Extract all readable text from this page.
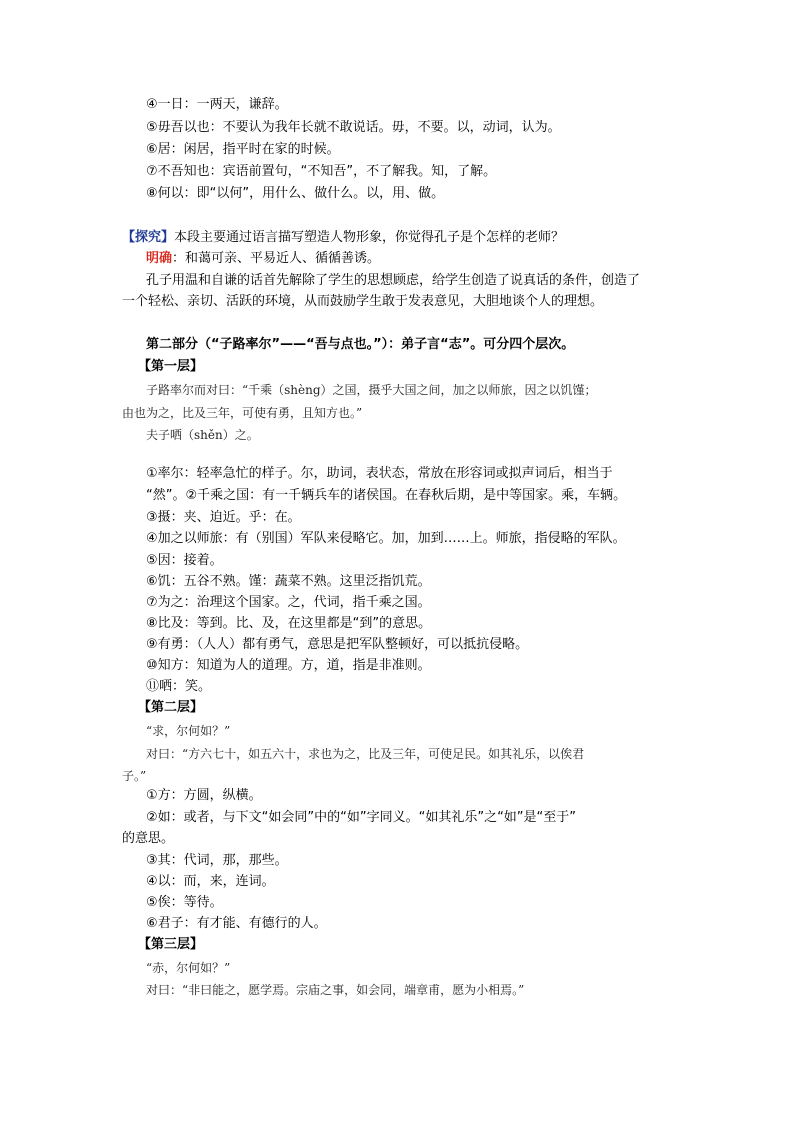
④一日：一两天，谦辞。
⑤毋吾以也：不要认为我年长就不敢说话。毋，不要。以，动词，认为。
⑥居：闲居，指平时在家的时候。
⑦不吾知也：宾语前置句，“不知吾”，不了解我。知，了解。
⑧何以：即“以何”，用什么、做什么。以，用、做。
【探究】本段主要通过语言描写塑造人物形象，你觉得孔子是个怎样的老师？
明确：和蔼可亲、平易近人、循循善诱。
孔子用温和自谦的话首先解除了学生的思想顾虑，给学生创造了说真话的条件，创造了
一个轻松、亲切、活跃的环境，从而鼓励学生敢于发表意见，大胆地谈个人的理想。
第二部分（“子路率尔”——“吾与点也。”）：弟子言“志”。可分四个层次。
【第一层】
子路率尔而对曰：“千乘（shèng）之国，摄乎大国之间，加之以师旅，因之以饥馑；
由也为之，比及三年，可使有勇，且知方也。”
夫子哂（shěn）之。
①率尔：轻率急忙的样子。尔，助词，表状态，常放在形容词或拟声词后，相当于
“然”。②千乘之国：有一千辆兵车的诸侯国。在春秋后期，是中等国家。乘，车辆。
③摄：夹、迫近。乎：在。
④加之以师旅：有（别国）军队来侵略它。加，加到……上。师旅，指侵略的军队。
⑤因：接着。
⑥饥：五谷不熟。馑：蔬菜不熟。这里泛指饥荒。
⑦为之：治理这个国家。之，代词，指千乘之国。
⑧比及：等到。比、及，在这里都是“到”的意思。
⑨有勇：（人人）都有勇气，意思是把军队整顿好，可以抵抗侵略。
⑩知方：知道为人的道理。方，道，指是非准则。
⑪哂：笑。
【第二层】
“求，尔何如？”
对曰：“方六七十，如五六十，求也为之，比及三年，可使足民。如其礼乐，以俟君
子。”
①方：方圆，纵横。
②如：或者，与下文“如会同”中的“如”字同义。“如其礼乐”之“如”是“至于”
的意思。
③其：代词，那，那些。
④以：而，来，连词。
⑤俟：等待。
⑥君子：有才能、有德行的人。
【第三层】
“赤，尔何如？”
对曰：“非曰能之，愿学焉。宗庙之事，如会同，端章甫，愿为小相焉。”
